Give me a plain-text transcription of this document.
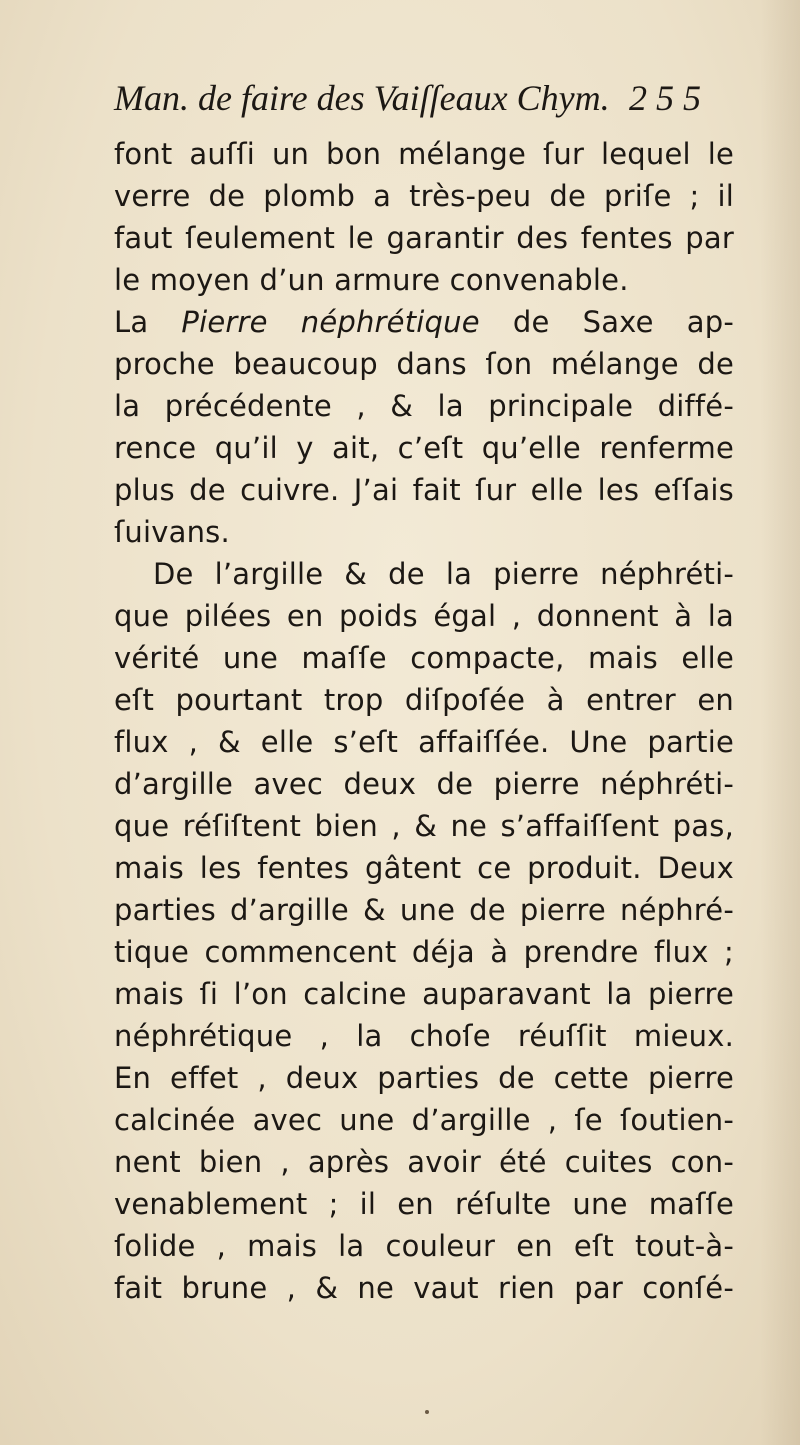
Man. de faire des Vaiſſeaux Chym. 2 5 5
font auſſi un bon mélange ſur lequel le
verre de plomb a très-peu de priſe ; il
faut ſeulement le garantir des fentes par
le moyen d’un armure convenable.
La Pierre néphrétique de Saxe ap-
proche beaucoup dans ſon mélange de
la précédente , & la principale diffé-
rence qu’il y ait, c’eſt qu’elle renferme
plus de cuivre. J’ai fait ſur elle les eſſais
ſuivans.
De l’argille & de la pierre néphréti-
que pilées en poids égal , donnent à la
vérité une maſſe compacte, mais elle
eſt pourtant trop diſpoſée à entrer en
flux , & elle s’eſt affaiſſée. Une partie
d’argille avec deux de pierre néphréti-
que réſiſtent bien , & ne s’affaiſſent pas,
mais les fentes gâtent ce produit. Deux
parties d’argille & une de pierre néphré-
tique commencent déja à prendre flux ;
mais ſi l’on calcine auparavant la pierre
néphrétique , la choſe réuſſit mieux.
En effet , deux parties de cette pierre
calcinée avec une d’argille , ſe ſoutien-
nent bien , après avoir été cuites con-
venablement ; il en réſulte une maſſe
ſolide , mais la couleur en eſt tout-à-
fait brune , & ne vaut rien par conſé-
